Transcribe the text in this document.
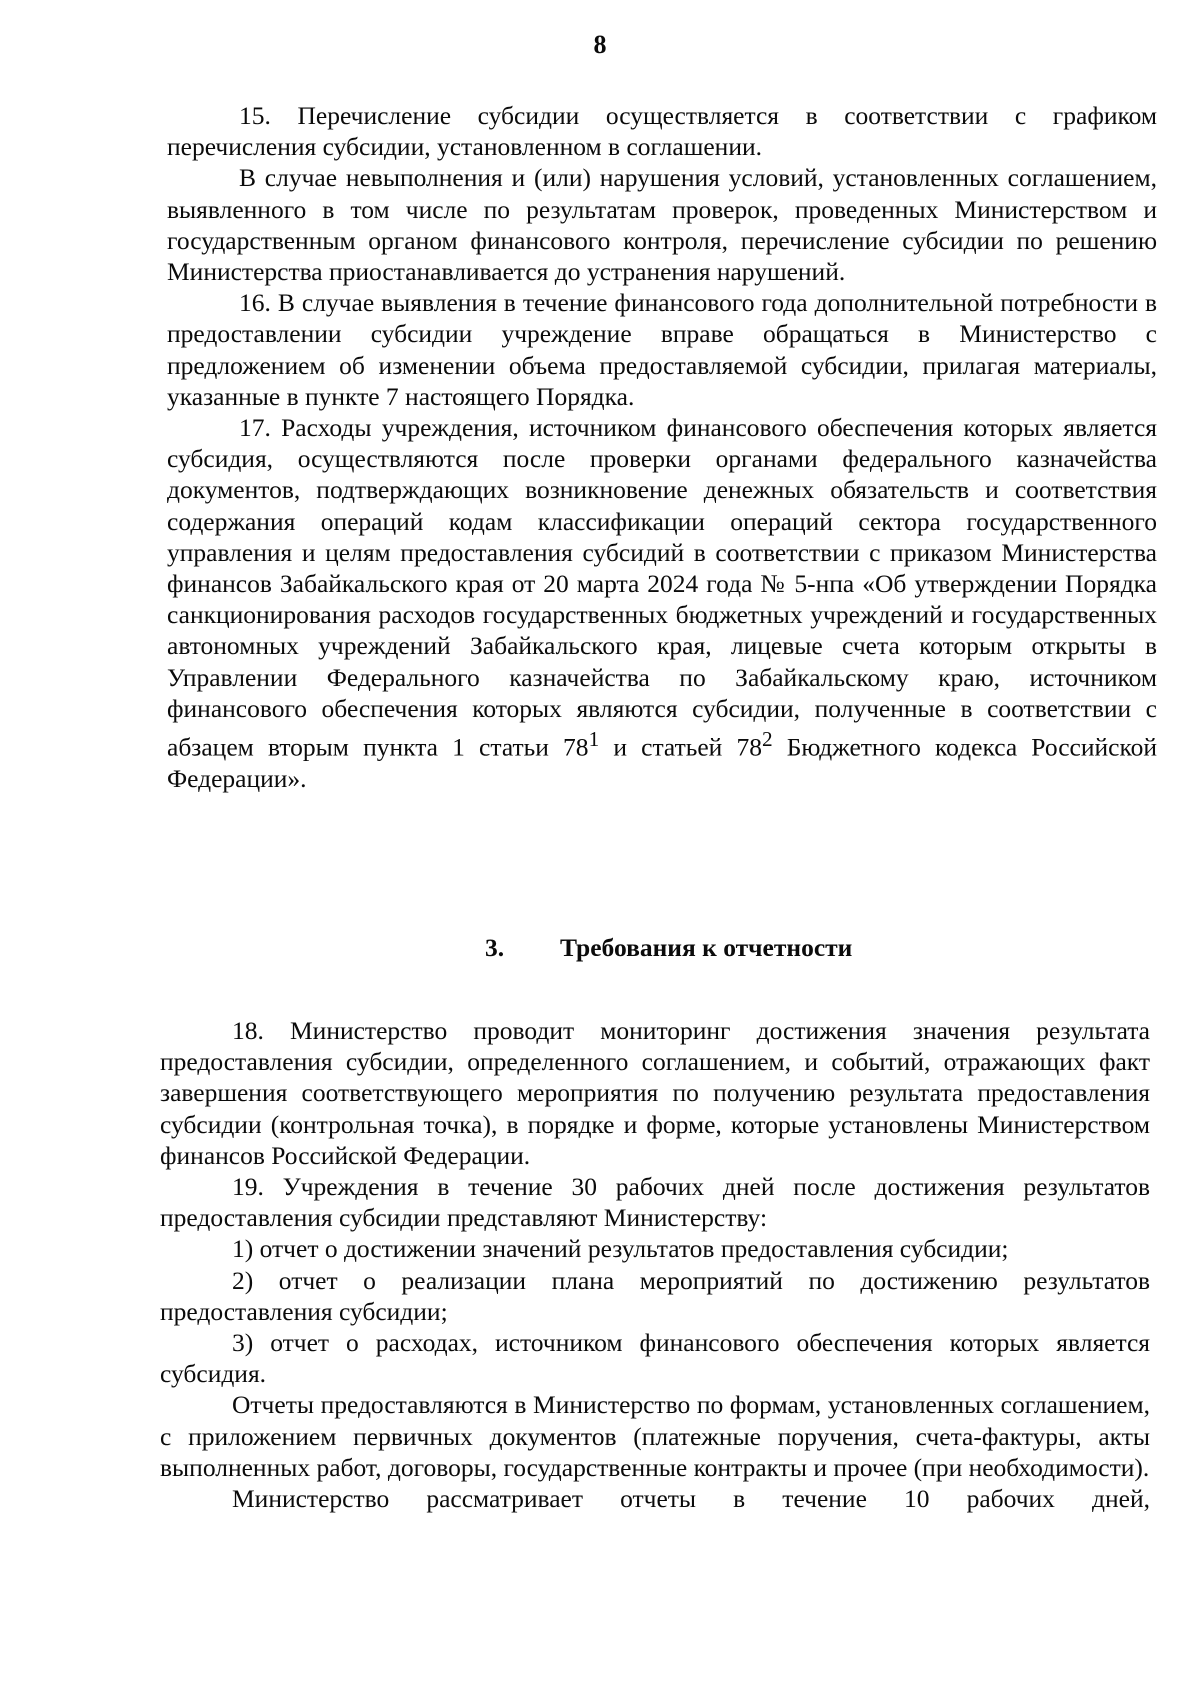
8

15. Перечисление субсидии осуществляется в соответствии с графиком перечисления субсидии, установленном в соглашении.

В случае невыполнения и (или) нарушения условий, установленных соглашением, выявленного в том числе по результатам проверок, проведенных Министерством и государственным органом финансового контроля, перечисление субсидии по решению Министерства приостанавливается до устранения нарушений.

16. В случае выявления в течение финансового года дополнительной потребности в предоставлении субсидии учреждение вправе обращаться в Министерство с предложением об изменении объема предоставляемой субсидии, прилагая материалы, указанные в пункте 7 настоящего Порядка.

17. Расходы учреждения, источником финансового обеспечения которых является субсидия, осуществляются после проверки органами федерального казначейства документов, подтверждающих возникновение денежных обязательств и соответствия содержания операций кодам классификации операций сектора государственного управления и целям предоставления субсидий в соответствии с приказом Министерства финансов Забайкальского края от 20 марта 2024 года № 5-нпа «Об утверждении Порядка санкционирования расходов государственных бюджетных учреждений и государственных автономных учреждений Забайкальского края, лицевые счета которым открыты в Управлении Федерального казначейства по Забайкальскому краю, источником финансового обеспечения которых являются субсидии, полученные в соответствии с абзацем вторым пункта 1 статьи $78^1$ и статьей $78^2$ Бюджетного кодекса Российской Федерации».

3. Требования к отчетности

18. Министерство проводит мониторинг достижения значения результата предоставления субсидии, определенного соглашением, и событий, отражающих факт завершения соответствующего мероприятия по получению результата предоставления субсидии (контрольная точка), в порядке и форме, которые установлены Министерством финансов Российской Федерации.

19. Учреждения в течение 30 рабочих дней после достижения результатов предоставления субсидии представляют Министерству:

1) отчет о достижении значений результатов предоставления субсидии;

2) отчет о реализации плана мероприятий по достижению результатов предоставления субсидии;

3) отчет о расходах, источником финансового обеспечения которых является субсидия.

Отчеты предоставляются в Министерство по формам, установленных соглашением, с приложением первичных документов (платежные поручения, счета-фактуры, акты выполненных работ, договоры, государственные контракты и прочее (при необходимости).

Министерство рассматривает отчеты в течение 10 рабочих дней,
